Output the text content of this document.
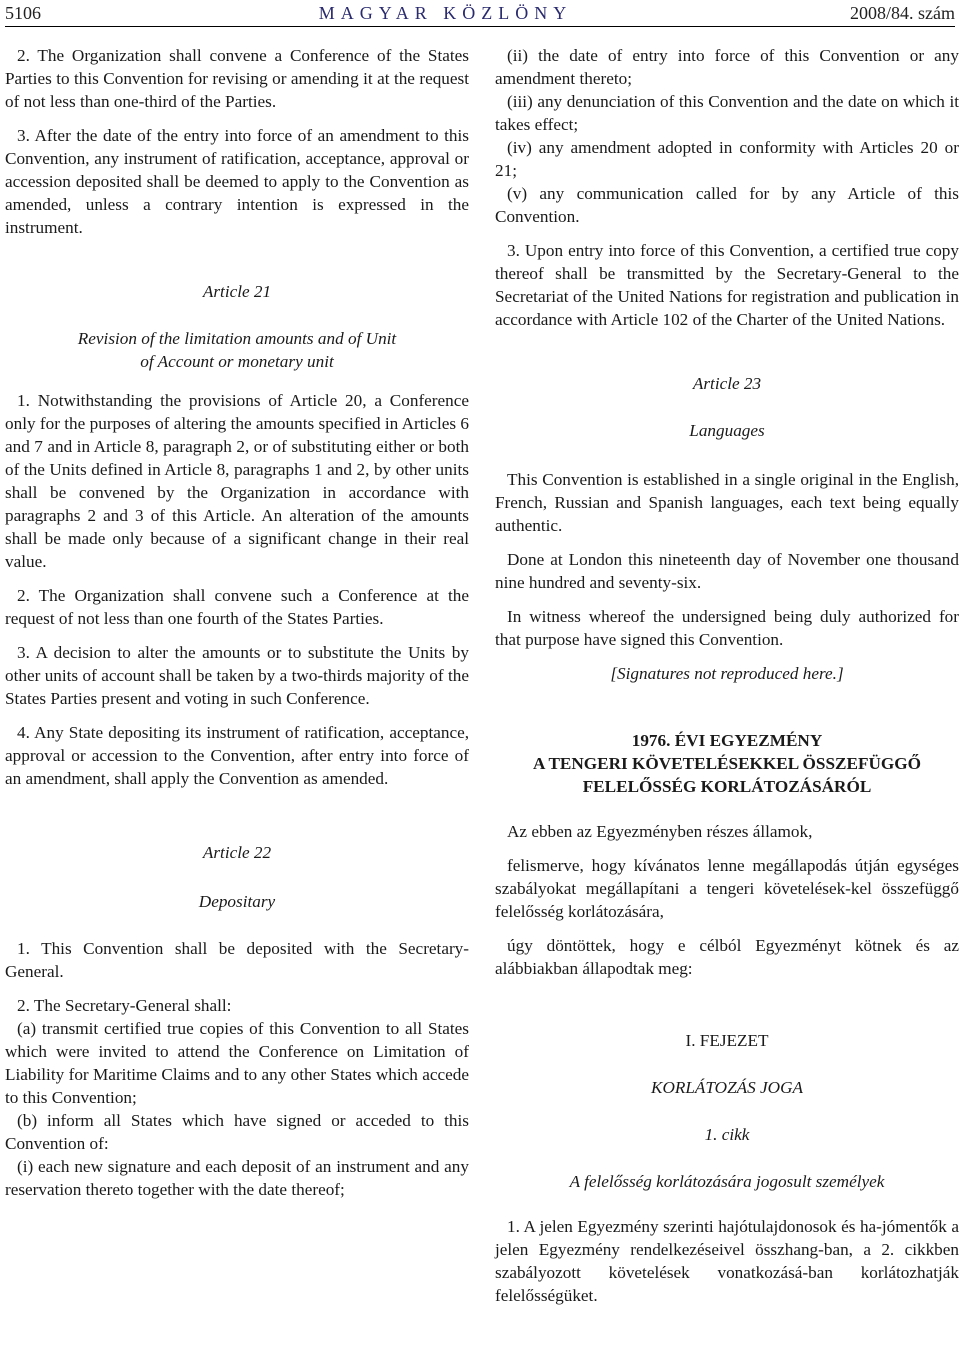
5106	MAGYAR KÖZLÖNY	2008/84. szám

2. The Organization shall convene a Conference of the States Parties to this Convention for revising or amending it at the request of not less than one-third of the Parties.

3. After the date of the entry into force of an amendment to this Convention, any instrument of ratification, acceptance, approval or accession deposited shall be deemed to apply to the Convention as amended, unless a contrary intention is expressed in the instrument.

Article 21

Revision of the limitation amounts and of Unit

of Account or monetary unit

1. Notwithstanding the provisions of Article 20, a Conference only for the purposes of altering the amounts specified in Articles 6 and 7 and in Article 8, paragraph 2, or of substituting either or both of the Units defined in Article 8, paragraphs 1 and 2, by other units shall be convened by the Organization in accordance with paragraphs 2 and 3 of this Article. An alteration of the amounts shall be made only because of a significant change in their real value.

2. The Organization shall convene such a Conference at the request of not less than one fourth of the States Parties.

3. A decision to alter the amounts or to substitute the Units by other units of account shall be taken by a two-thirds majority of the States Parties present and voting in such Conference.

4. Any State depositing its instrument of ratification, acceptance, approval or accession to the Convention, after entry into force of an amendment, shall apply the Convention as amended.

Article 22

Depositary

1. This Convention shall be deposited with the Secretary-General.

2. The Secretary-General shall:

(a) transmit certified true copies of this Convention to all States which were invited to attend the Conference on Limitation of Liability for Maritime Claims and to any other States which accede to this Convention;

(b) inform all States which have signed or acceded to this Convention of:

(i) each new signature and each deposit of an instrument and any reservation thereto together with the date thereof;

(ii) the date of entry into force of this Convention or any amendment thereto;

(iii) any denunciation of this Convention and the date on which it takes effect;

(iv) any amendment adopted in conformity with Articles 20 or 21;

(v) any communication called for by any Article of this Convention.

3. Upon entry into force of this Convention, a certified true copy thereof shall be transmitted by the Secretary-General to the Secretariat of the United Nations for registration and publication in accordance with Article 102 of the Charter of the United Nations.

Article 23

Languages

This Convention is established in a single original in the English, French, Russian and Spanish languages, each text being equally authentic.

Done at London this nineteenth day of November one thousand nine hundred and seventy-six.

In witness whereof the undersigned being duly authorized for that purpose have signed this Convention.

[Signatures not reproduced here.]

1976. ÉVI EGYEZMÉNY

A TENGERI KÖVETELÉSEKKEL ÖSSZEFÜGGŐ

FELELŐSSÉG KORLÁTOZÁSÁRÓL

Az ebben az Egyezményben részes államok,

felismerve, hogy kívánatos lenne megállapodás útján egységes szabályokat megállapítani a tengeri követelések-kel összefüggő felelősség korlátozására,

úgy döntöttek, hogy e célból Egyezményt kötnek és az alábbiakban állapodtak meg:

I. FEJEZET

KORLÁTOZÁS JOGA

1. cikk

A felelősség korlátozására jogosult személyek

1. A jelen Egyezmény szerinti hajótulajdonosok és ha-jómentők a jelen Egyezmény rendelkezéseivel összhang-ban, a 2. cikkben szabályozott követelések vonatkozásá-ban korlátozhatják felelősségüket.
